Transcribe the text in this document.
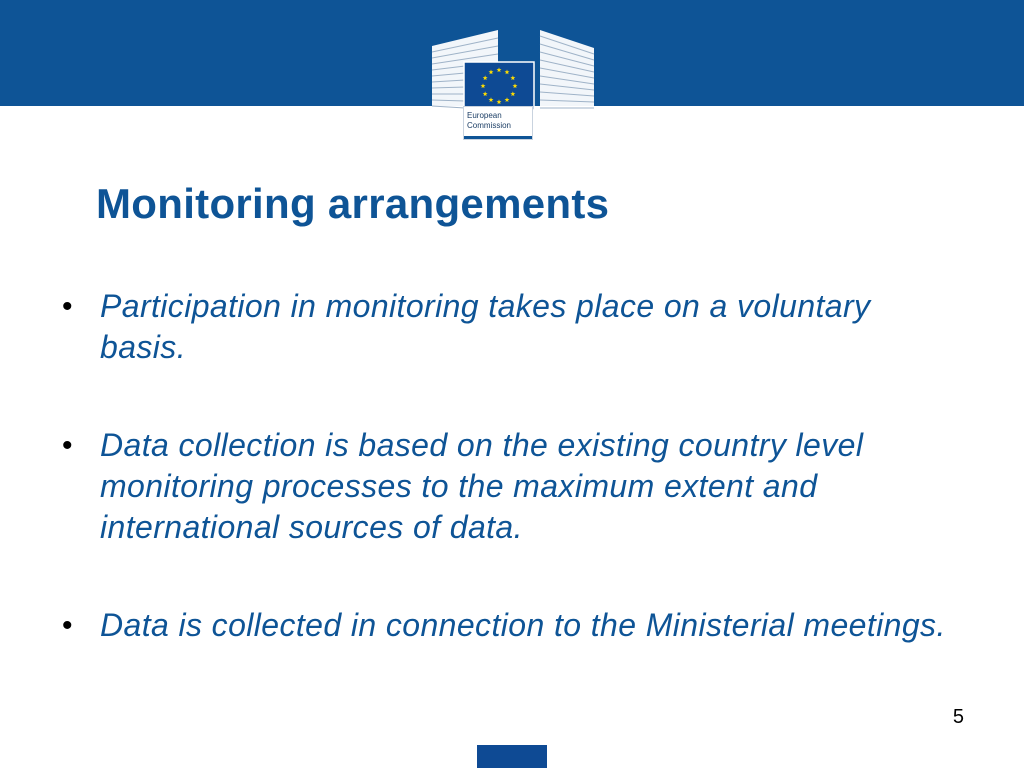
European
Commission
Monitoring arrangements
• Participation in monitoring takes place on a voluntary basis.
• Data collection is based on the existing country level monitoring processes to the maximum extent and international sources of data.
• Data is collected in connection to the Ministerial meetings.
5
